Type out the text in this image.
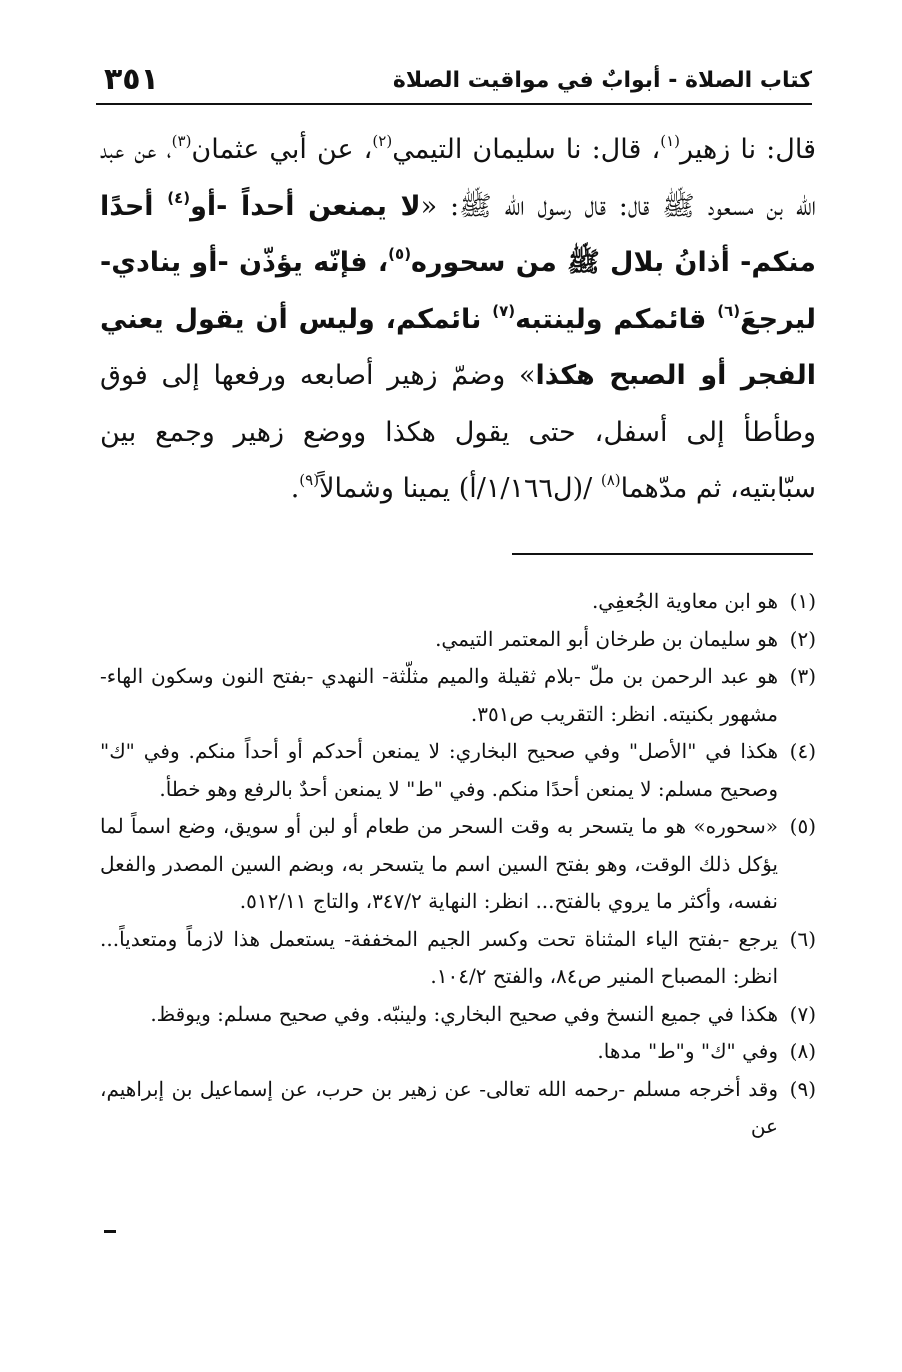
كتاب الصلاة - أبوابٌ في مواقيت الصلاة
٣٥١
قال: نا زهير$^{(١)}$، قال: نا سليمان التيمي$^{(٢)}$، عن أبي عثمان$^{(٣)}$، عن عبد الله بن مسعود ﷺ قال: قال رسول الله ﷺ: «لا يمنعن أحداً -أو$^{(٤)}$ أحدًا منكم- أذانُ بلال ﷺ من سحوره$^{(٥)}$، فإنّه يؤذّن -أو ينادي- ليرجعَ$^{(٦)}$ قائمكم ولينتبه$^{(٧)}$ نائمكم، وليس أن يقول يعني الفجر أو الصبح هكذا» وضمّ زهير أصابعه ورفعها إلى فوق وطأطأ إلى أسفل، حتى يقول هكذا ووضع زهير وجمع بين سبّابتيه، ثم مدّهما$^{(٨)}$ /(ل١/١٦٦/أ) يمينا وشمالاً$^{(٩)}$.
(١)
هو ابن معاوية الجُعفِي.
(٢)
هو سليمان بن طرخان أبو المعتمر التيمي.
(٣)
هو عبد الرحمن بن ملّ -بلام ثقيلة والميم مثلّثة- النهدي -بفتح النون وسكون الهاء- مشهور بكنيته. انظر: التقريب ص٣٥١.
(٤)
هكذا في "الأصل" وفي صحيح البخاري: لا يمنعن أحدكم أو أحداً منكم. وفي "ك" وصحيح مسلم: لا يمنعن أحدًا منكم. وفي "ط" لا يمنعن أحدٌ بالرفع وهو خطأ.
(٥)
«سحوره» هو ما يتسحر به وقت السحر من طعام أو لبن أو سويق، وضع اسماً لما يؤكل ذلك الوقت، وهو بفتح السين اسم ما يتسحر به، وبضم السين المصدر والفعل نفسه، وأكثر ما يروي بالفتح... انظر: النهاية ٣٤٧/٢، والتاج ٥١٢/١١.
(٦)
يرجع -بفتح الياء المثناة تحت وكسر الجيم المخففة- يستعمل هذا لازماً ومتعدياً... انظر: المصباح المنير ص٨٤، والفتح ١٠٤/٢.
(٧)
هكذا في جميع النسخ وفي صحيح البخاري: ولينبّه. وفي صحيح مسلم: ويوقظ.
(٨)
وفي "ك" و"ط" مدها.
(٩)
وقد أخرجه مسلم -رحمه الله تعالى- عن زهير بن حرب، عن إسماعيل بن إبراهيم، عن
